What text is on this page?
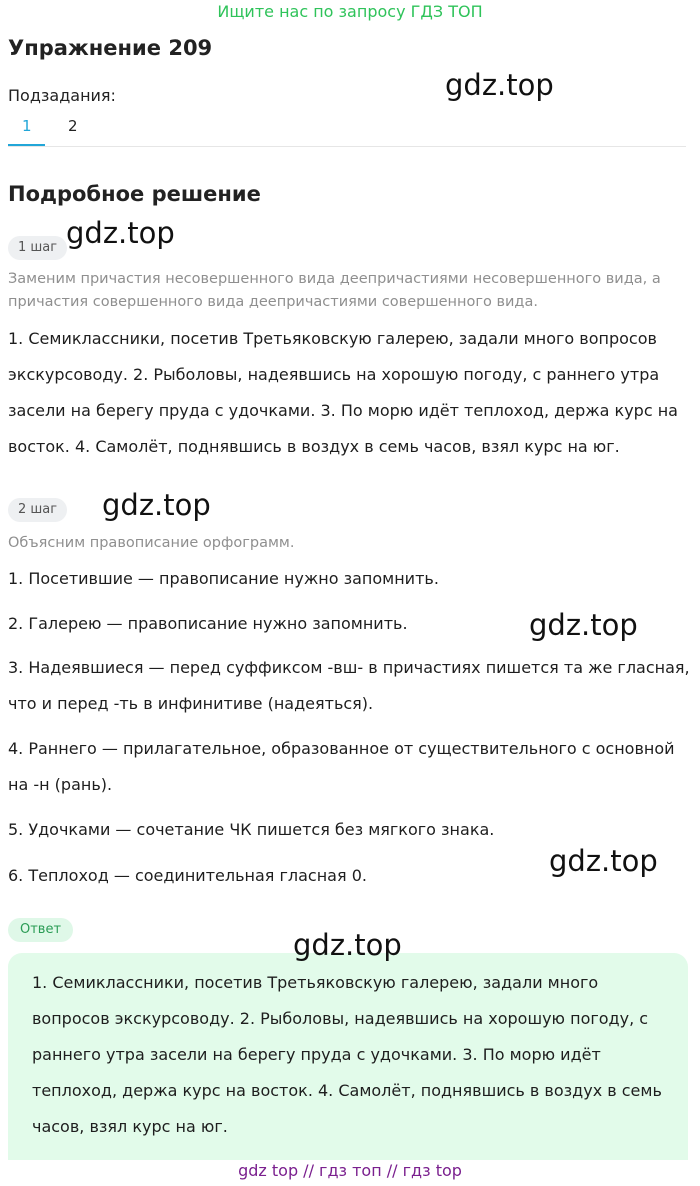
Ищите нас по запросу ГДЗ ТОП
Упражнение 209
Подзадания:
1 2
Подробное решение
1 шаг
Заменим причастия несовершенного вида деепричастиями несовершенного вида, а причастия совершенного вида деепричастиями совершенного вида.
1. Семиклассники, посетив Третьяковскую галерею, задали много вопросов экскурсоводу. 2. Рыболовы, надеявшись на хорошую погоду, с раннего утра засели на берегу пруда с удочками. 3. По морю идёт теплоход, держа курс на восток. 4. Самолёт, поднявшись в воздух в семь часов, взял курс на юг.
2 шаг
Объясним правописание орфограмм.
1. Посетившие — правописание нужно запомнить.
2. Галерею — правописание нужно запомнить.
3. Надеявшиеся — перед суффиксом -вш- в причастиях пишется та же гласная, что и перед -ть в инфинитиве (надеяться).
4. Раннего — прилагательное, образованное от существительного с основной на -н (рань).
5. Удочками — сочетание ЧК пишется без мягкого знака.
6. Теплоход — соединительная гласная 0.
Ответ
1. Семиклассники, посетив Третьяковскую галерею, задали много вопросов экскурсоводу. 2. Рыболовы, надеявшись на хорошую погоду, с раннего утра засели на берегу пруда с удочками. 3. По морю идёт теплоход, держа курс на восток. 4. Самолёт, поднявшись в воздух в семь часов, взял курс на юг.
gdz.top
gdz.top
gdz.top
gdz.top
gdz.top
gdz.top
gdz top // гдз топ // гдз top
